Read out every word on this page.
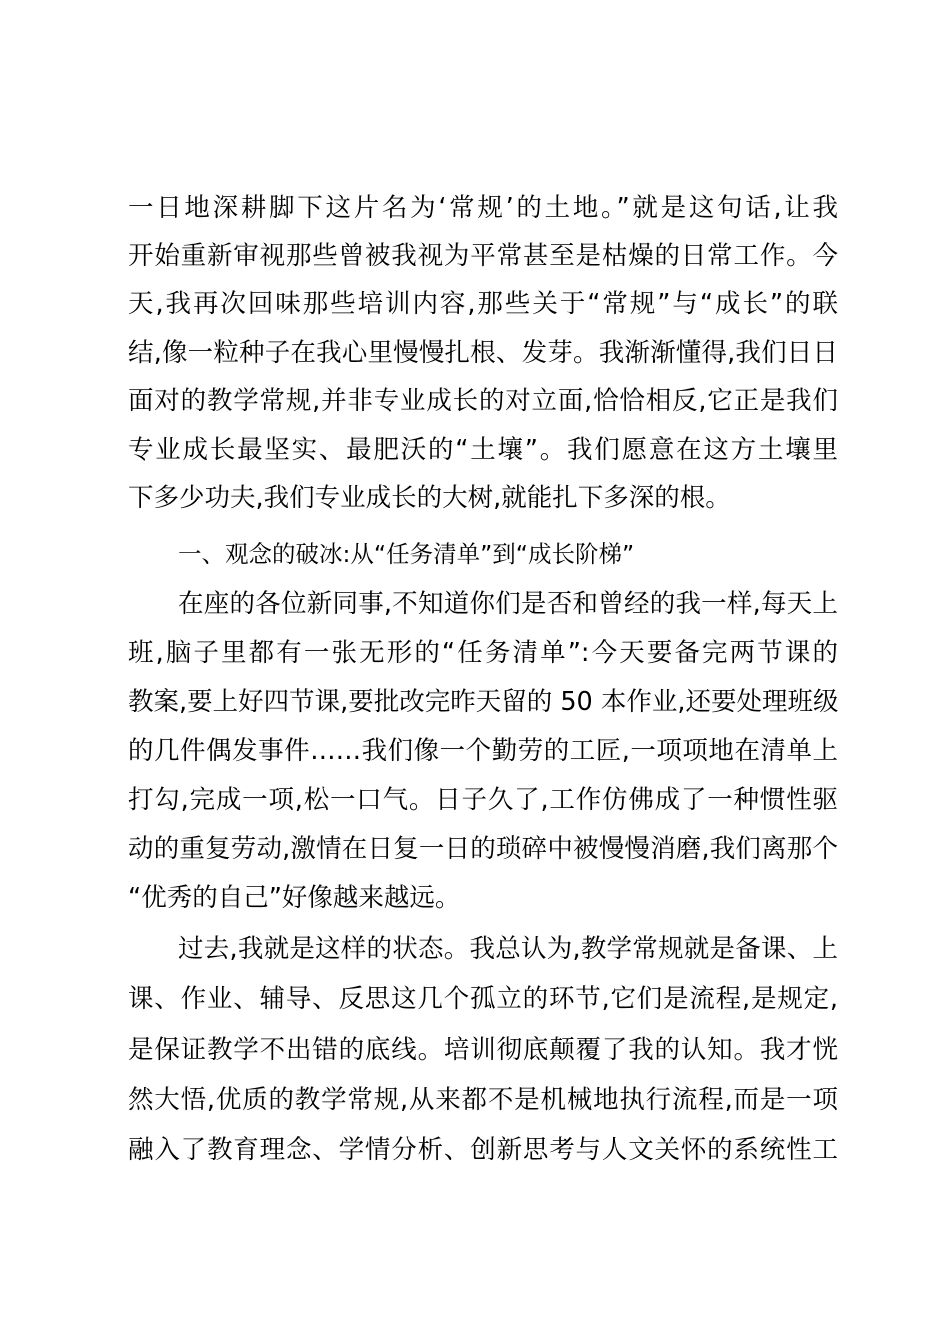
一日地深耕脚下这片名为‘常规’的土地。”就是这句话,让我
开始重新审视那些曾被我视为平常甚至是枯燥的日常工作。今
天,我再次回味那些培训内容,那些关于“常规”与“成长”的联
结,像一粒种子在我心里慢慢扎根、发芽。我渐渐懂得,我们日日
面对的教学常规,并非专业成长的对立面,恰恰相反,它正是我们
专业成长最坚实、最肥沃的“土壤”。我们愿意在这方土壤里
下多少功夫,我们专业成长的大树,就能扎下多深的根。
一、观念的破冰:从“任务清单”到“成长阶梯”
在座的各位新同事,不知道你们是否和曾经的我一样,每天上
班,脑子里都有一张无形的“任务清单”:今天要备完两节课的
教案,要上好四节课,要批改完昨天留的 50 本作业,还要处理班级
的几件偶发事件……我们像一个勤劳的工匠,一项项地在清单上
打勾,完成一项,松一口气。日子久了,工作仿佛成了一种惯性驱
动的重复劳动,激情在日复一日的琐碎中被慢慢消磨,我们离那个
“优秀的自己”好像越来越远。
过去,我就是这样的状态。我总认为,教学常规就是备课、上
课、作业、辅导、反思这几个孤立的环节,它们是流程,是规定,
是保证教学不出错的底线。培训彻底颠覆了我的认知。我才恍
然大悟,优质的教学常规,从来都不是机械地执行流程,而是一项
融入了教育理念、学情分析、创新思考与人文关怀的系统性工
